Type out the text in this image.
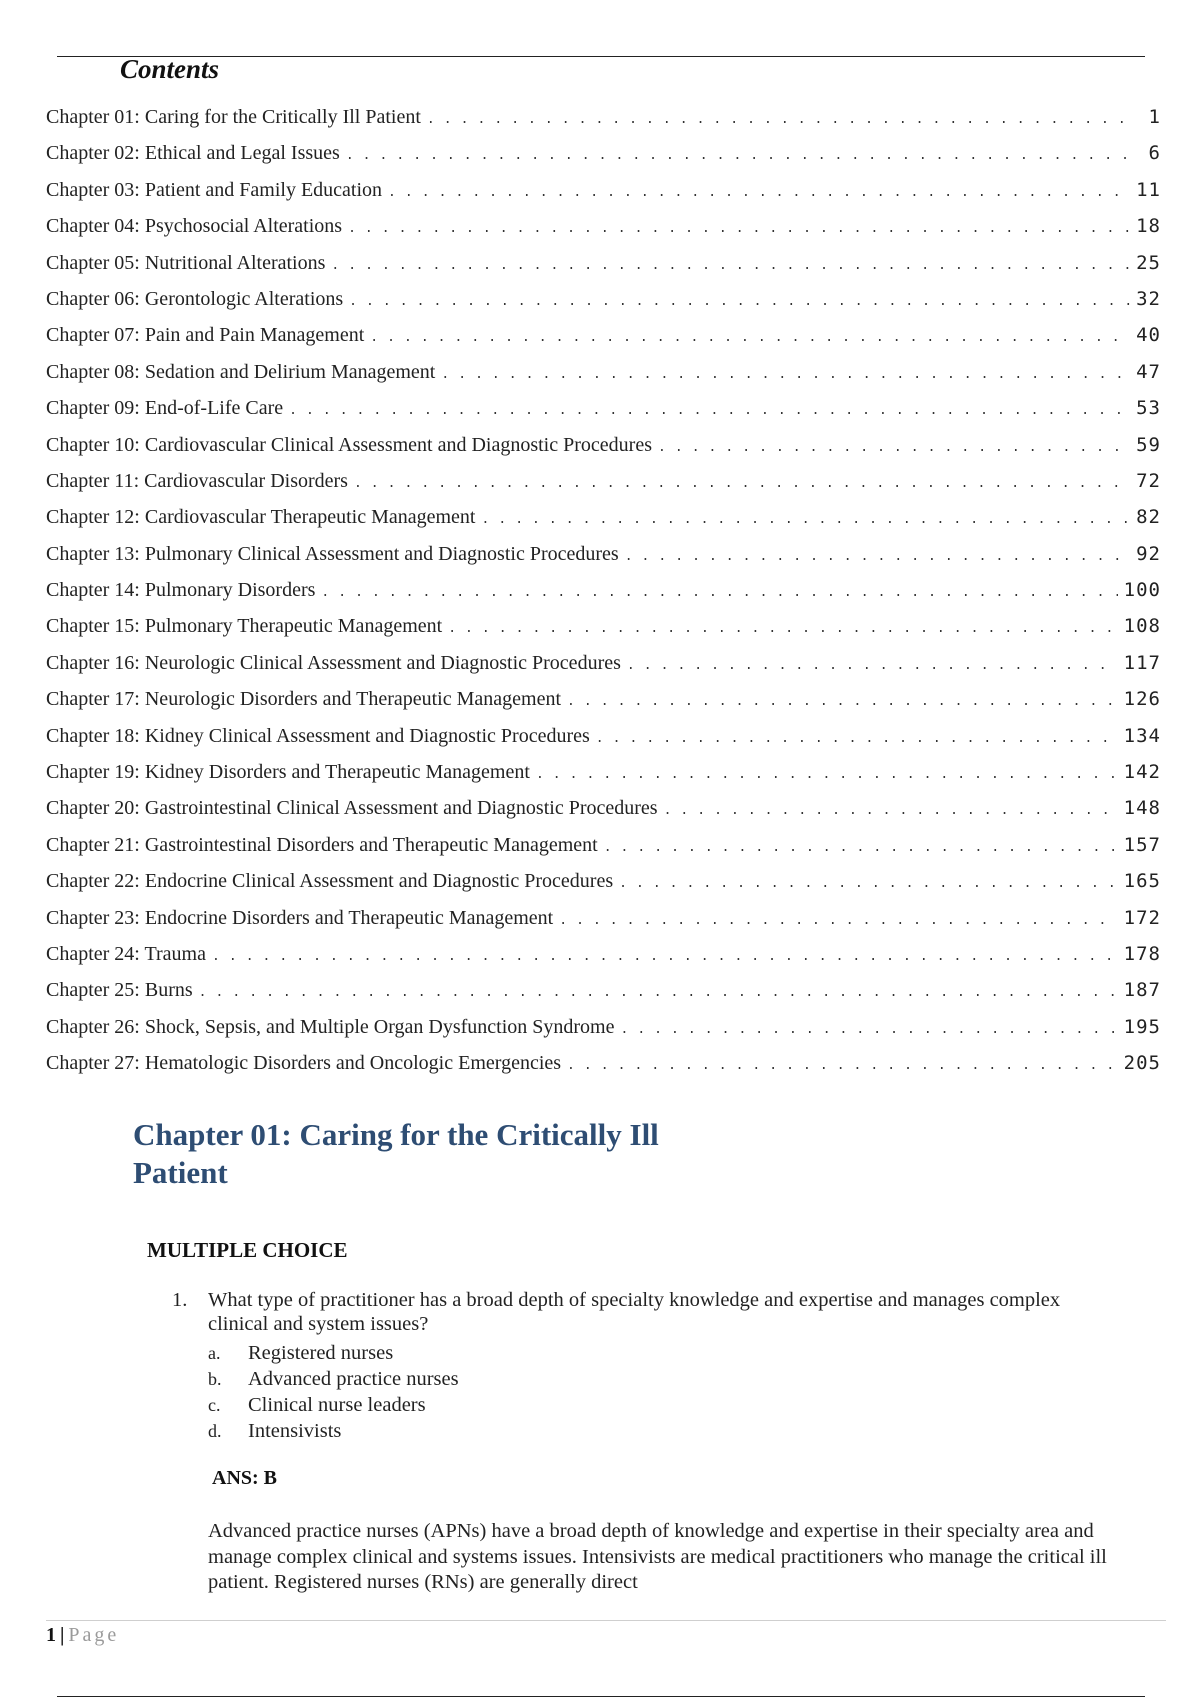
Contents
Chapter 01: Caring for the Critically Ill Patient . . .	1
Chapter 02: Ethical and Legal Issues . . .	6
Chapter 03: Patient and Family Education . . .	11
Chapter 04: Psychosocial Alterations . . .	18
Chapter 05: Nutritional Alterations . . .	25
Chapter 06: Gerontologic Alterations . . .	32
Chapter 07: Pain and Pain Management . . .	40
Chapter 08: Sedation and Delirium Management . . .	47
Chapter 09: End-of-Life Care . . .	53
Chapter 10: Cardiovascular Clinical Assessment and Diagnostic Procedures . . .	59
Chapter 11: Cardiovascular Disorders . . .	72
Chapter 12: Cardiovascular Therapeutic Management . . .	82
Chapter 13: Pulmonary Clinical Assessment and Diagnostic Procedures . . .	92
Chapter 14: Pulmonary Disorders . . .	100
Chapter 15: Pulmonary Therapeutic Management . . .	108
Chapter 16: Neurologic Clinical Assessment and Diagnostic Procedures . . .	117
Chapter 17: Neurologic Disorders and Therapeutic Management . . .	126
Chapter 18: Kidney Clinical Assessment and Diagnostic Procedures . . .	134
Chapter 19: Kidney Disorders and Therapeutic Management . . .	142
Chapter 20: Gastrointestinal Clinical Assessment and Diagnostic Procedures . . .	148
Chapter 21: Gastrointestinal Disorders and Therapeutic Management . . .	157
Chapter 22: Endocrine Clinical Assessment and Diagnostic Procedures . . .	165
Chapter 23: Endocrine Disorders and Therapeutic Management . . .	172
Chapter 24: Trauma . . .	178
Chapter 25: Burns . . .	187
Chapter 26: Shock, Sepsis, and Multiple Organ Dysfunction Syndrome . . .	195
Chapter 27: Hematologic Disorders and Oncologic Emergencies . . .	205
Chapter 01: Caring for the Critically Ill Patient
MULTIPLE CHOICE
1.	What type of practitioner has a broad depth of specialty knowledge and expertise and manages complex clinical and system issues?
a.	Registered nurses
b.	Advanced practice nurses
c.	Clinical nurse leaders
d.	Intensivists
ANS: B
Advanced practice nurses (APNs) have a broad depth of knowledge and expertise in their specialty area and manage complex clinical and systems issues. Intensivists are medical practitioners who manage the critical ill patient. Registered nurses (RNs) are generally direct
1 | Page
